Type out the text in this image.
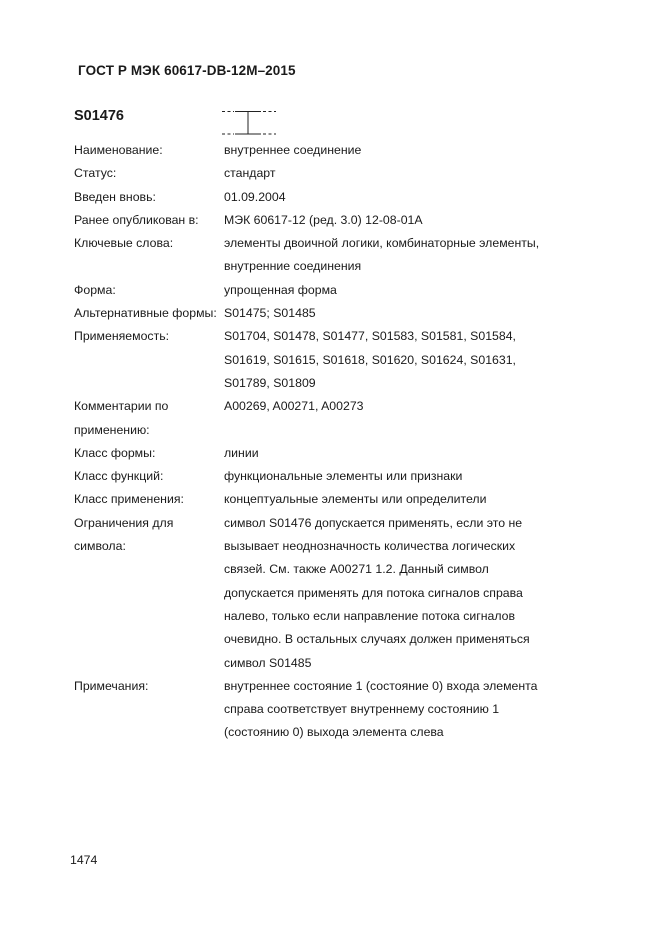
ГОСТ Р МЭК 60617-DB-12M–2015
S01476
Наименование:	внутреннее соединение
Статус:	стандарт
Введен вновь:	01.09.2004
Ранее опубликован в:	МЭК 60617-12 (ред. 3.0) 12-08-01A
Ключевые слова:	элементы двоичной логики, комбинаторные элементы,
внутренние соединения
Форма:	упрощенная форма
Альтернативные формы: S01475; S01485
Применяемость:	S01704, S01478, S01477, S01583, S01581, S01584,
S01619, S01615, S01618, S01620, S01624, S01631,
S01789, S01809
Комментарии по применению:
A00269, A00271, A00273
Класс формы:	линии
Класс функций:	функциональные элементы или признаки
Класс применения:	концептуальные элементы или определители
Ограничения для символа:
символ S01476 допускается применять, если это не
вызывает неоднозначность количества логических
связей. См. также A00271 1.2. Данный символ
допускается применять для потока сигналов справа
налево, только если направление потока сигналов
очевидно. В остальных случаях должен применяться
символ S01485
Примечания:	внутреннее состояние 1 (состояние 0) входа элемента
справа соответствует внутреннему состоянию 1
(состоянию 0) выхода элемента слева
1474
